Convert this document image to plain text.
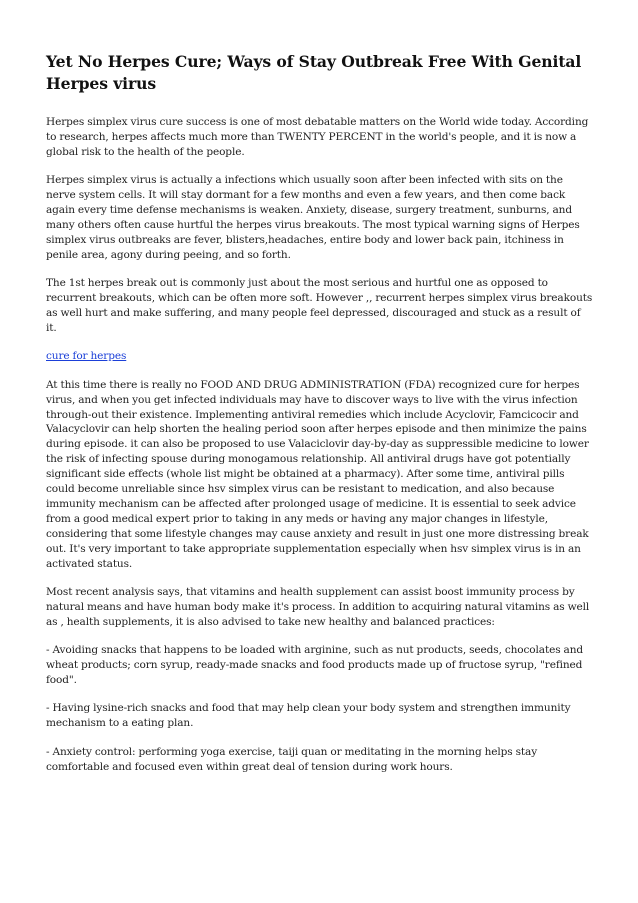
Yet No Herpes Cure; Ways of Stay Outbreak Free With Genital Herpes virus

Herpes simplex virus cure success is one of most debatable matters on the World wide today. According to research, herpes affects much more than TWENTY PERCENT in the world's people, and it is now a global risk to the health of the people.

Herpes simplex virus is actually a infections which usually soon after been infected with sits on the nerve system cells. It will stay dormant for a few months and even a few years, and then come back again every time defense mechanisms is weaken. Anxiety, disease, surgery treatment, sunburns, and many others often cause hurtful the herpes virus breakouts. The most typical warning signs of Herpes simplex virus outbreaks are fever, blisters,headaches, entire body and lower back pain, itchiness in penile area, agony during peeing, and so forth.

The 1st herpes break out is commonly just about the most serious and hurtful one as opposed to recurrent breakouts, which can be often more soft. However ,, recurrent herpes simplex virus breakouts as well hurt and make suffering, and many people feel depressed, discouraged and stuck as a result of it.

cure for herpes

At this time there is really no FOOD AND DRUG ADMINISTRATION (FDA) recognized cure for herpes virus, and when you get infected individuals may have to discover ways to live with the virus infection through-out their existence. Implementing antiviral remedies which include Acyclovir, Famcicocir and Valacyclovir can help shorten the healing period soon after herpes episode and then minimize the pains during episode. it can also be proposed to use Valaciclovir day-by-day as suppressible medicine to lower the risk of infecting spouse during monogamous relationship. All antiviral drugs have got potentially significant side effects (whole list might be obtained at a pharmacy). After some time, antiviral pills could become unreliable since hsv simplex virus can be resistant to medication, and also because immunity mechanism can be affected after prolonged usage of medicine. It is essential to seek advice from a good medical expert prior to taking in any meds or having any major changes in lifestyle, considering that some lifestyle changes may cause anxiety and result in just one more distressing break out. It's very important to take appropriate supplementation especially when hsv simplex virus is in an activated status.

Most recent analysis says, that vitamins and health supplement can assist boost immunity process by natural means and have human body make it's process. In addition to acquiring natural vitamins as well as , health supplements, it is also advised to take new healthy and balanced practices:

- Avoiding snacks that happens to be loaded with arginine, such as nut products, seeds, chocolates and wheat products; corn syrup, ready-made snacks and food products made up of fructose syrup, "refined food".

- Having lysine-rich snacks and food that may help clean your body system and strengthen immunity mechanism to a eating plan.

- Anxiety control: performing yoga exercise, taiji quan or meditating in the morning helps stay comfortable and focused even within great deal of tension during work hours.
